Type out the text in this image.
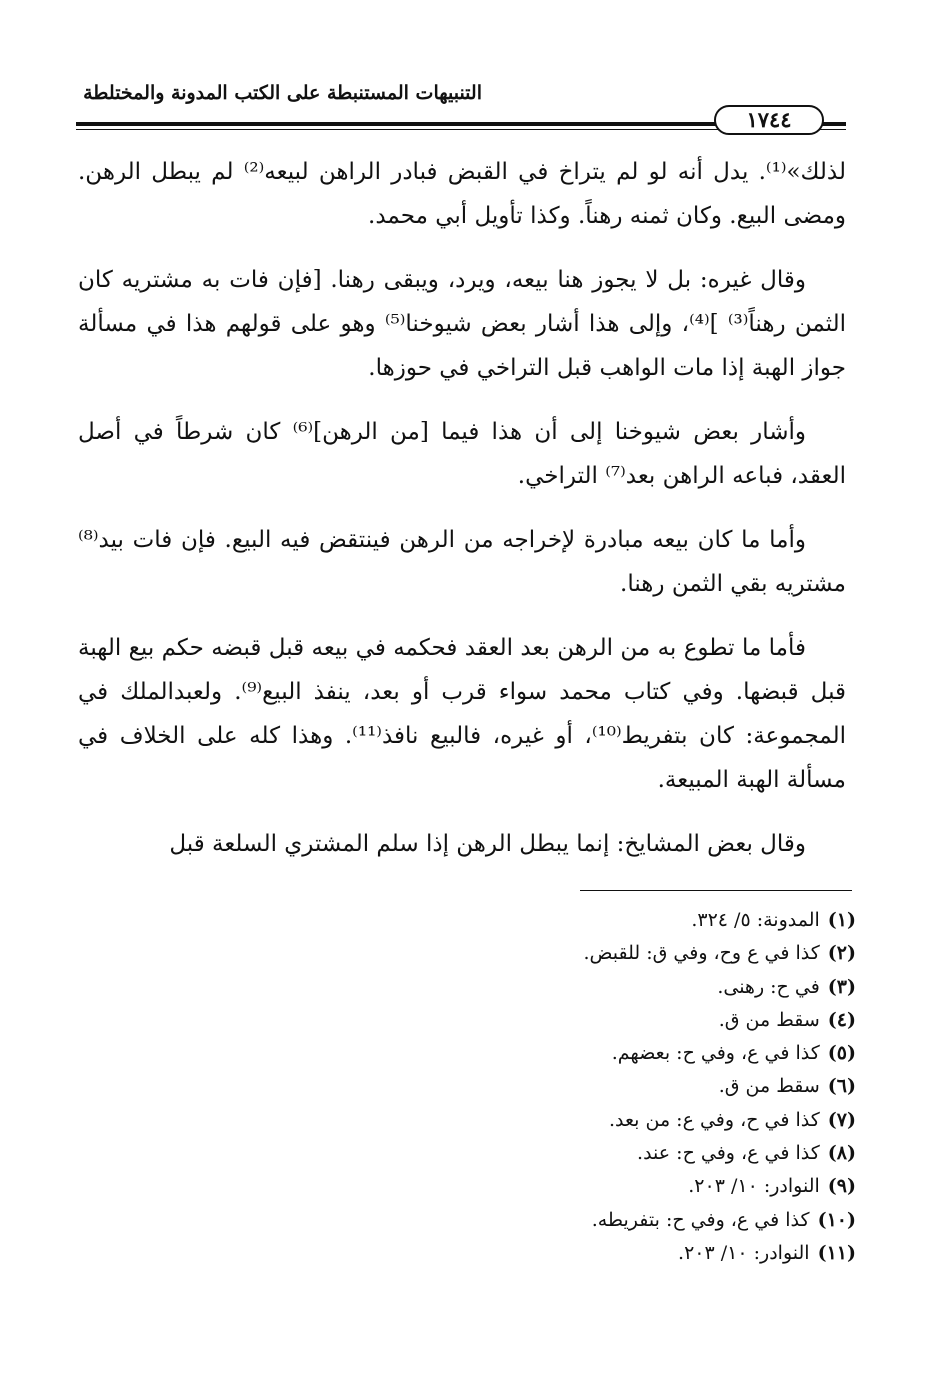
التنبيهات المستنبطة على الكتب المدونة والمختلطة
١٧٤٤

لذلك»⁽¹⁾. يدل أنه لو لم يتراخ في القبض فبادر الراهن لبيعه⁽²⁾ لم يبطل الرهن. ومضى البيع. وكان ثمنه رهناً. وكذا تأويل أبي محمد.

وقال غيره: بل لا يجوز هنا بيعه، ويرد، ويبقى رهنا. [فإن فات به مشتريه كان الثمن رهناً⁽³⁾ ]⁽⁴⁾، وإلى هذا أشار بعض شيوخنا⁽⁵⁾ وهو على قولهم هذا في مسألة جواز الهبة إذا مات الواهب قبل التراخي في حوزها.

وأشار بعض شيوخنا إلى أن هذا فيما [من الرهن]⁽⁶⁾ كان شرطاً في أصل العقد، فباعه الراهن بعد⁽⁷⁾ التراخي.

وأما ما كان بيعه مبادرة لإخراجه من الرهن فينتقض فيه البيع. فإن فات بيد⁽⁸⁾ مشتريه بقي الثمن رهنا.

فأما ما تطوع به من الرهن بعد العقد فحكمه في بيعه قبل قبضه حكم بيع الهبة قبل قبضها. وفي كتاب محمد سواء قرب أو بعد، ينفذ البيع⁽⁹⁾. ولعبدالملك في المجموعة: كان بتفريط⁽¹⁰⁾، أو غيره، فالبيع نافذ⁽¹¹⁾. وهذا كله على الخلاف في مسألة الهبة المبيعة.

وقال بعض المشايخ: إنما يبطل الرهن إذا سلم المشتري السلعة قبل

(١)المدونة: ٥/ ٣٢٤.
(٢)كذا في ع وح، وفي ق: للقبض.
(٣)في ح: رهنى.
(٤)سقط من ق.
(٥)كذا في ع، وفي ح: بعضهم.
(٦)سقط من ق.
(٧)كذا في ح، وفي ع: من بعد.
(٨)كذا في ع، وفي ح: عند.
(٩)النوادر: ١٠/ ٢٠٣.
(١٠)كذا في ع، وفي ح: بتفريطه.
(١١)النوادر: ١٠/ ٢٠٣.
